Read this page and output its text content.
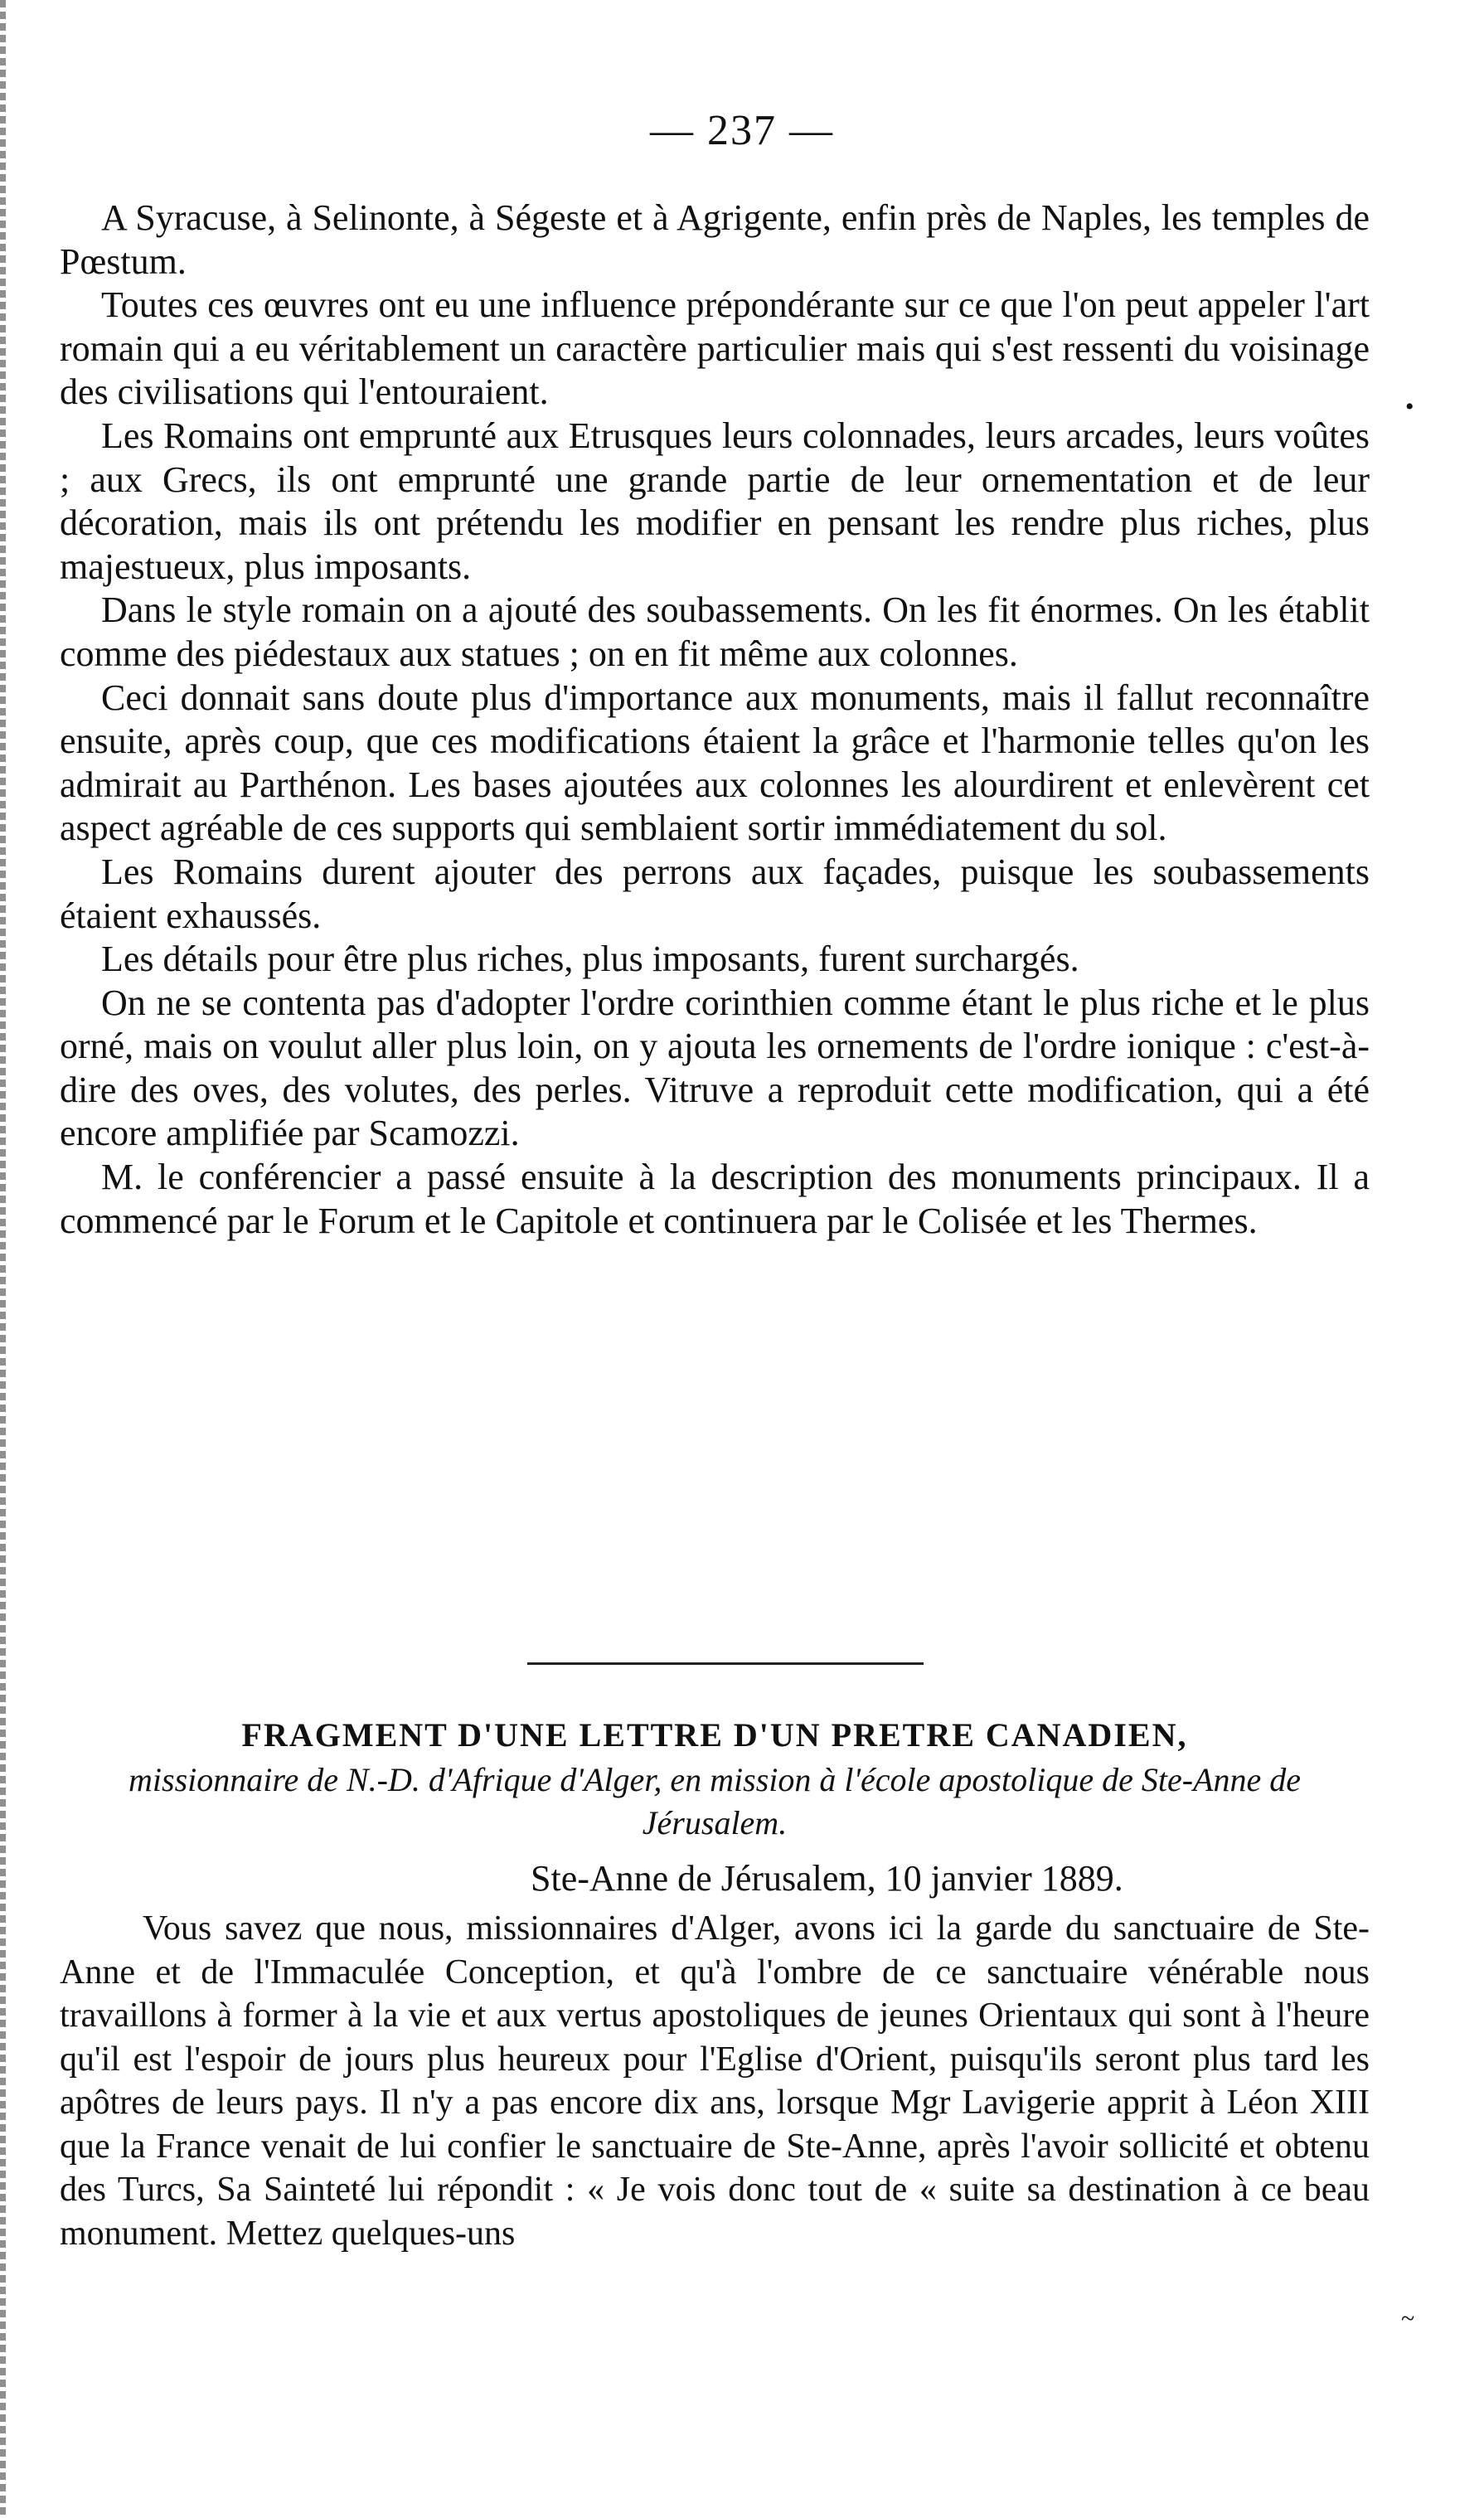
— 237 —

A Syracuse, à Selinonte, à Ségeste et à Agrigente, enfin près de Naples, les temples de Pœstum.

Toutes ces œuvres ont eu une influence prépondérante sur ce que l'on peut appeler l'art romain qui a eu véritablement un caractère particulier mais qui s'est ressenti du voisinage des civilisations qui l'entouraient.

Les Romains ont emprunté aux Etrusques leurs colonnades, leurs arcades, leurs voûtes ; aux Grecs, ils ont emprunté une grande partie de leur ornementation et de leur décoration, mais ils ont prétendu les modifier en pensant les rendre plus riches, plus majestueux, plus imposants.

Dans le style romain on a ajouté des soubassements. On les fit énormes. On les établit comme des piédestaux aux statues ; on en fit même aux colonnes.

Ceci donnait sans doute plus d'importance aux monuments, mais il fallut reconnaître ensuite, après coup, que ces modifications étaient la grâce et l'harmonie telles qu'on les admirait au Parthénon. Les bases ajoutées aux colonnes les alourdirent et enlevèrent cet aspect agréable de ces supports qui semblaient sortir immédiatement du sol.

Les Romains durent ajouter des perrons aux façades, puisque les soubassements étaient exhaussés.

Les détails pour être plus riches, plus imposants, furent surchargés.

On ne se contenta pas d'adopter l'ordre corinthien comme étant le plus riche et le plus orné, mais on voulut aller plus loin, on y ajouta les ornements de l'ordre ionique : c'est-à-dire des oves, des volutes, des perles. Vitruve a reproduit cette modification, qui a été encore amplifiée par Scamozzi.

M. le conférencier a passé ensuite à la description des monuments principaux. Il a commencé par le Forum et le Capitole et continuera par le Colisée et les Thermes.

FRAGMENT D'UNE LETTRE D'UN PRETRE CANADIEN,

missionnaire de N.-D. d'Afrique d'Alger, en mission à l'école apostolique de Ste-Anne de Jérusalem.

Ste-Anne de Jérusalem, 10 janvier 1889.

Vous savez que nous, missionnaires d'Alger, avons ici la garde du sanctuaire de Ste-Anne et de l'Immaculée Conception, et qu'à l'ombre de ce sanctuaire vénérable nous travaillons à former à la vie et aux vertus apostoliques de jeunes Orientaux qui sont à l'heure qu'il est l'espoir de jours plus heureux pour l'Eglise d'Orient, puisqu'ils seront plus tard les apôtres de leurs pays. Il n'y a pas encore dix ans, lorsque Mgr Lavigerie apprit à Léon XIII que la France venait de lui confier le sanctuaire de Ste-Anne, après l'avoir sollicité et obtenu des Turcs, Sa Sainteté lui répondit : « Je vois donc tout de « suite sa destination à ce beau monument. Mettez quelques-uns

•
~
